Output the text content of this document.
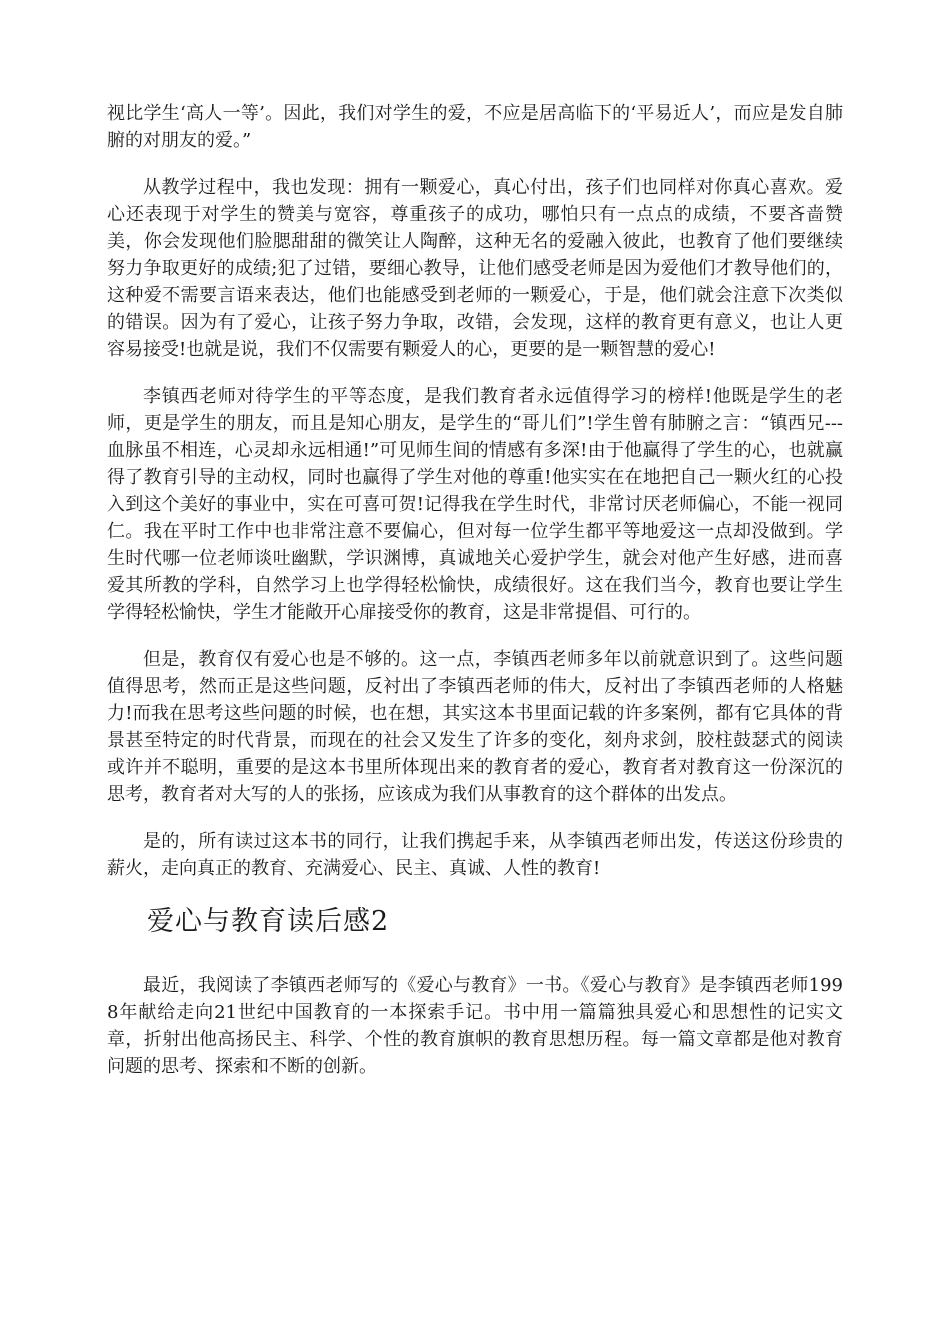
视比学生‘高人一等’。因此，我们对学生的爱，不应是居高临下的‘平易近人’，而应是发自肺腑的对朋友的爱。”

从教学过程中，我也发现：拥有一颗爱心，真心付出，孩子们也同样对你真心喜欢。爱心还表现于对学生的赞美与宽容，尊重孩子的成功，哪怕只有一点点的成绩，不要吝啬赞美，你会发现他们脸腮甜甜的微笑让人陶醉，这种无名的爱融入彼此，也教育了他们要继续努力争取更好的成绩;犯了过错，要细心教导，让他们感受老师是因为爱他们才教导他们的，这种爱不需要言语来表达，他们也能感受到老师的一颗爱心，于是，他们就会注意下次类似的错误。因为有了爱心，让孩子努力争取，改错，会发现，这样的教育更有意义，也让人更容易接受!也就是说，我们不仅需要有颗爱人的心，更要的是一颗智慧的爱心!

李镇西老师对待学生的平等态度，是我们教育者永远值得学习的榜样!他既是学生的老师，更是学生的朋友，而且是知心朋友，是学生的“哥儿们”!学生曾有肺腑之言：“镇西兄---血脉虽不相连，心灵却永远相通!”可见师生间的情感有多深!由于他赢得了学生的心，也就赢得了教育引导的主动权，同时也赢得了学生对他的尊重!他实实在在地把自己一颗火红的心投入到这个美好的事业中，实在可喜可贺!记得我在学生时代，非常讨厌老师偏心，不能一视同仁。我在平时工作中也非常注意不要偏心，但对每一位学生都平等地爱这一点却没做到。学生时代哪一位老师谈吐幽默，学识渊博，真诚地关心爱护学生，就会对他产生好感，进而喜爱其所教的学科，自然学习上也学得轻松愉快，成绩很好。这在我们当今，教育也要让学生学得轻松愉快，学生才能敞开心扉接受你的教育，这是非常提倡、可行的。

但是，教育仅有爱心也是不够的。这一点，李镇西老师多年以前就意识到了。这些问题值得思考，然而正是这些问题，反衬出了李镇西老师的伟大，反衬出了李镇西老师的人格魅力!而我在思考这些问题的时候，也在想，其实这本书里面记载的许多案例，都有它具体的背景甚至特定的时代背景，而现在的社会又发生了许多的变化，刻舟求剑，胶柱鼓瑟式的阅读或许并不聪明，重要的是这本书里所体现出来的教育者的爱心，教育者对教育这一份深沉的思考，教育者对大写的人的张扬，应该成为我们从事教育的这个群体的出发点。

是的，所有读过这本书的同行，让我们携起手来，从李镇西老师出发，传送这份珍贵的薪火，走向真正的教育、充满爱心、民主、真诚、人性的教育!

爱心与教育读后感2

最近，我阅读了李镇西老师写的《爱心与教育》一书。《爱心与教育》是李镇西老师1998年献给走向21世纪中国教育的一本探索手记。书中用一篇篇独具爱心和思想性的记实文章，折射出他高扬民主、科学、个性的教育旗帜的教育思想历程。每一篇文章都是他对教育问题的思考、探索和不断的创新。
